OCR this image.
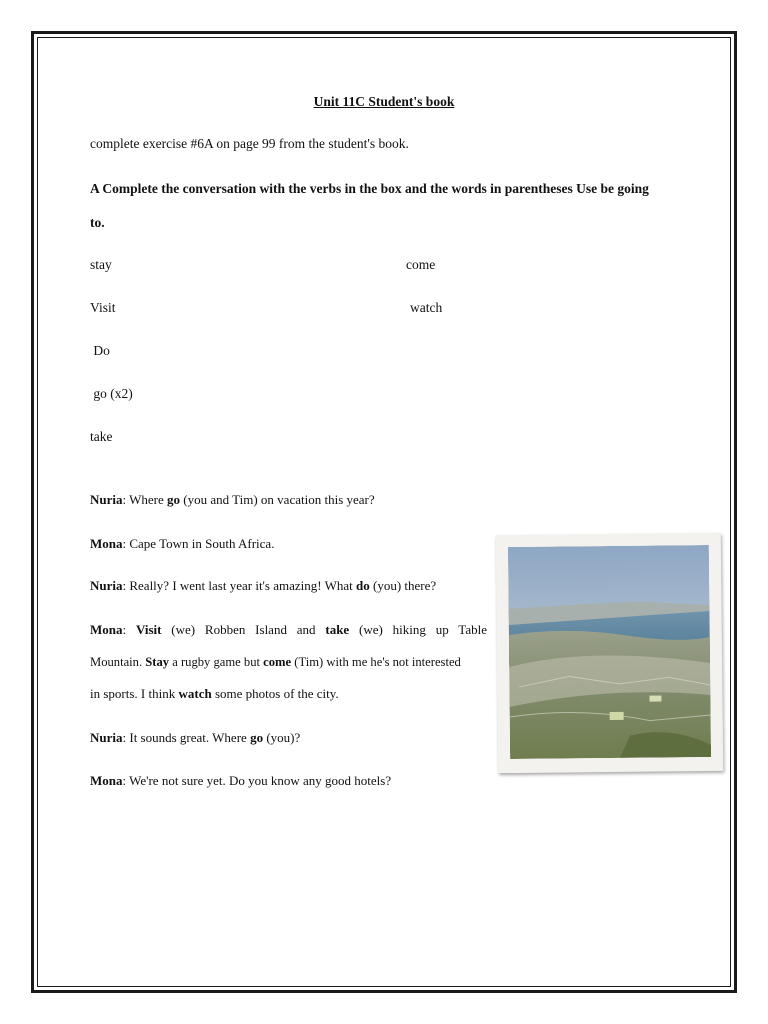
Unit 11C Student's book
complete exercise #6A on page 99 from the student's book.
A Complete the conversation with the verbs in the box and the words in parentheses Use be going
to.
stay
Visit
Do
go (x2)
take
come
watch
Nuria: Where go (you and Tim) on vacation this year?
Mona: Cape Town in South Africa.
Nuria: Really? I went last year it's amazing! What do (you) there?
Mona: Visit (we) Robben Island and take (we) hiking up Table
Mountain. Stay a rugby game but come (Tim) with me he's not interested
in sports. I think watch some photos of the city.
Nuria: It sounds great. Where go (you)?
Mona: We're not sure yet. Do you know any good hotels?
